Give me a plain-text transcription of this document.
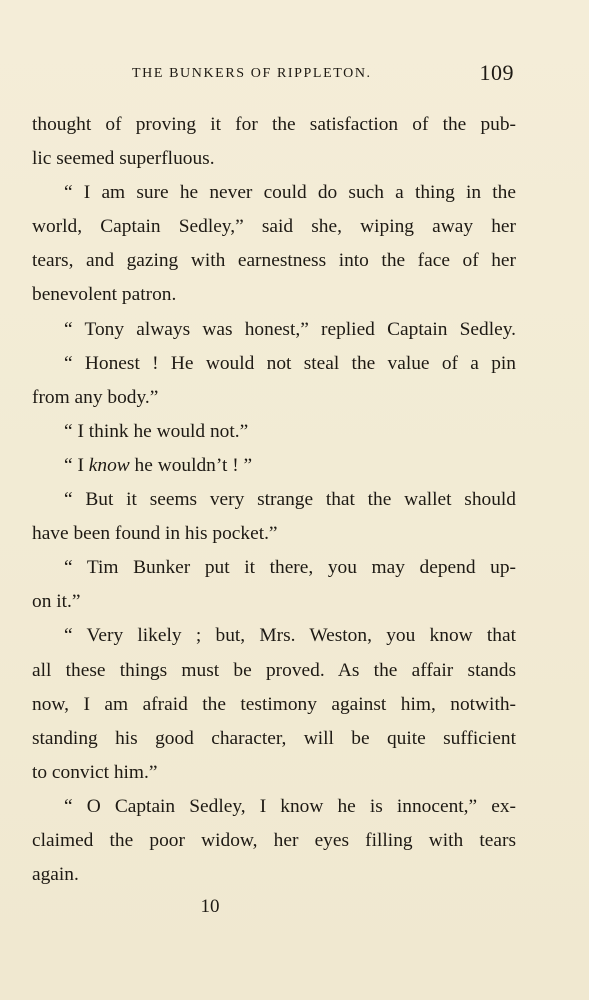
THE BUNKERS OF RIPPLETON.	109
thought of proving it for the satisfaction of the pub-
lic seemed superfluous.
“ I am sure he never could do such a thing in the
world, Captain Sedley,” said she, wiping away her
tears, and gazing with earnestness into the face of her
benevolent patron.
“ Tony always was honest,” replied Captain Sedley.
“ Honest ! He would not steal the value of a pin
from any body.”
“ I think he would not.”
“ I know he wouldn’t ! ”
“ But it seems very strange that the wallet should
have been found in his pocket.”
“ Tim Bunker put it there, you may depend up-
on it.”
“ Very likely ; but, Mrs. Weston, you know that
all these things must be proved. As the affair stands
now, I am afraid the testimony against him, notwith-
standing his good character, will be quite sufficient
to convict him.”
“ O Captain Sedley, I know he is innocent,” ex-
claimed the poor widow, her eyes filling with tears
again.
10
